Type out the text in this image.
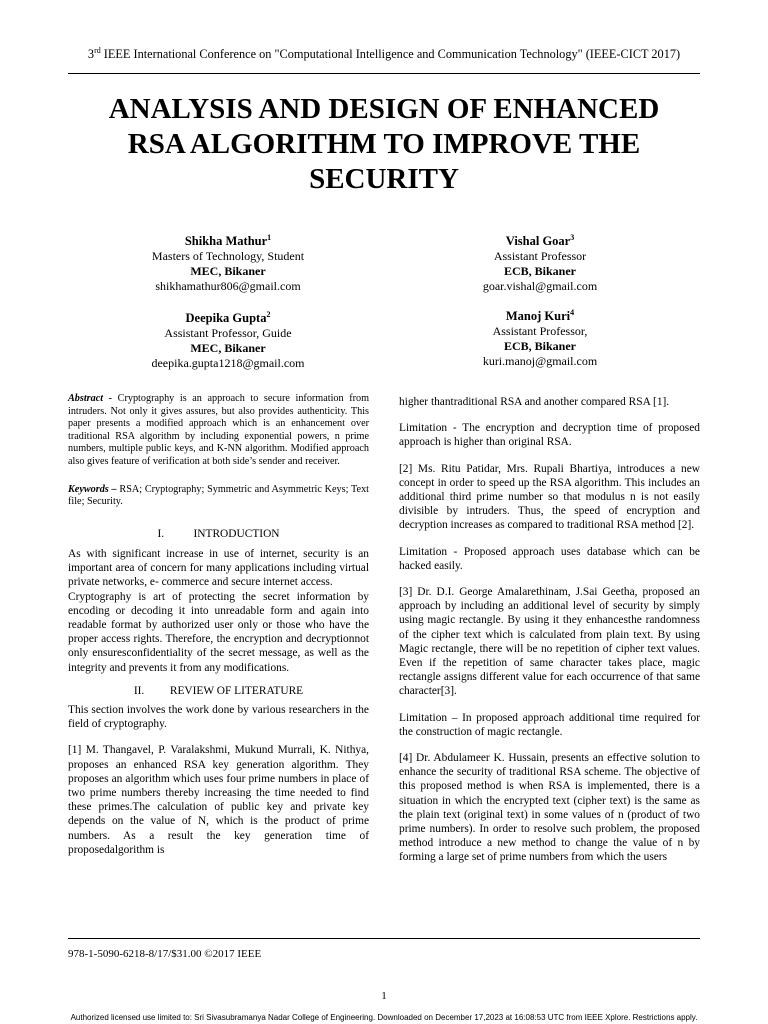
3rd IEEE International Conference on "Computational Intelligence and Communication Technology" (IEEE-CICT 2017)
ANALYSIS AND DESIGN OF ENHANCED
RSA ALGORITHM TO IMPROVE THE
SECURITY
Shikha Mathur$^1$
Masters of Technology, Student
MEC, Bikaner
shikhamathur806@gmail.com
Vishal Goar$^3$
Assistant Professor
ECB, Bikaner
goar.vishal@gmail.com
Deepika Gupta$^2$
Assistant Professor, Guide
MEC, Bikaner
deepika.gupta1218@gmail.com
Manoj Kuri$^4$
Assistant Professor,
ECB, Bikaner
kuri.manoj@gmail.com

Abstract - Cryptography is an approach to secure information from intruders. Not only it gives assures, but also provides authenticity. This paper presents a modified approach which is an enhancement over traditional RSA algorithm by including exponential powers, n prime numbers, multiple public keys, and K-NN algorithm. Modified approach also gives feature of verification at both side’s sender and receiver.

Keywords – RSA; Cryptography; Symmetric and Asymmetric Keys; Text file; Security.

I.	INTRODUCTION

As with significant increase in use of internet, security is an important area of concern for many applications including virtual private networks, e- commerce and secure internet access.

Cryptography is art of protecting the secret information by encoding or decoding it into unreadable form and again into readable format by authorized user only or those who have the proper access rights. Therefore, the encryption and decryptionnot only ensuresconfidentiality of the secret message, as well as the integrity and prevents it from any modifications.

II. REVIEW OF LITERATURE

This section involves the work done by various researchers in the field of cryptography.

[1] M. Thangavel, P. Varalakshmi, Mukund Murrali, K. Nithya, proposes an enhanced RSA key generation algorithm. They proposes an algorithm which uses four prime numbers in place of two prime numbers thereby increasing the time needed to find these primes.The calculation of public key and private key depends on the value of N, which is the product of prime numbers. As a result the key generation time of proposedalgorithm is

higher thantraditional RSA and another compared RSA [1].

Limitation - The encryption and decryption time of proposed approach is higher than original RSA.

[2] Ms. Ritu Patidar, Mrs. Rupali Bhartiya, introduces a new concept in order to speed up the RSA algorithm. This includes an additional third prime number so that modulus n is not easily divisible by intruders. Thus, the speed of encryption and decryption increases as compared to traditional RSA method [2].

Limitation - Proposed approach uses database which can be hacked easily.

[3] Dr. D.I. George Amalarethinam, J.Sai Geetha, proposed an approach by including an additional level of security by simply using magic rectangle. By using it they enhancesthe randomness of the cipher text which is calculated from plain text. By using Magic rectangle, there will be no repetition of cipher text values. Even if the repetition of same character takes place, magic rectangle assigns different value for each occurrence of that same character[3].

Limitation – In proposed approach additional time required for the construction of magic rectangle.

[4] Dr. Abdulameer K. Hussain, presents an effective solution to enhance the security of traditional RSA scheme. The objective of this proposed method is when RSA is implemented, there is a situation in which the encrypted text (cipher text) is the same as the plain text (original text) in some values of n (product of two prime numbers). In order to resolve such problem, the proposed method introduce a new method to change the value of n by forming a large set of prime numbers from which the users

978-1-5090-6218-8/17/$31.00 ©2017 IEEE
1
Authorized licensed use limited to: Sri Sivasubramanya Nadar College of Engineering. Downloaded on December 17,2023 at 16:08:53 UTC from IEEE Xplore. Restrictions apply.
